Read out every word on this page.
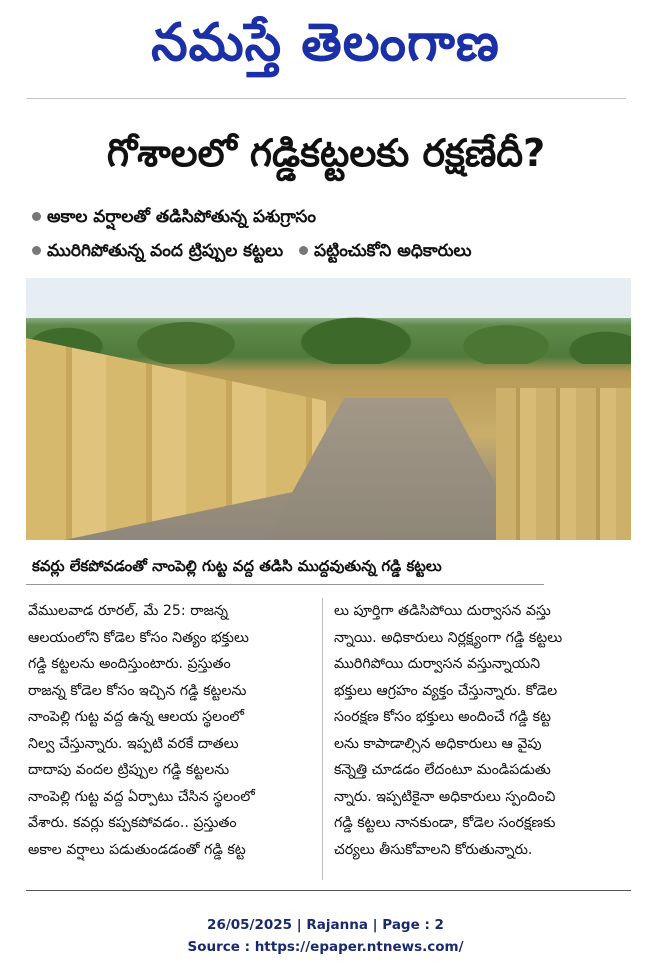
నమస్తే తెలంగాణ
గోశాలలో గడ్డికట్టలకు రక్షణేదీ?
అకాల వర్షాలతో తడిసిపోతున్న పశుగ్రాసం
మురిగిపోతున్న వంద ట్రిప్పుల కట్టలు పట్టించుకోని అధికారులు
కవర్లు లేకపోవడంతో నాంపెల్లి గుట్ట వద్ద తడిసి ముద్దవుతున్న గడ్డి కట్టలు
వేములవాడ రూరల్, మే 25: రాజన్న
ఆలయంలోని కోడెల కోసం నిత్యం భక్తులు
గడ్డి కట్టలను అందిస్తుంటారు. ప్రస్తుతం
రాజన్న కోడెల కోసం ఇచ్చిన గడ్డి కట్టలను
నాంపెల్లి గుట్ట వద్ద ఉన్న ఆలయ స్థలంలో
నిల్వ చేస్తున్నారు. ఇప్పటి వరకే దాతలు
దాదాపు వందల ట్రిప్పుల గడ్డి కట్టలను
నాంపెల్లి గుట్ట వద్ద ఏర్పాటు చేసిన స్థలంలో
వేశారు. కవర్లు కప్పకపోవడం.. ప్రస్తుతం
అకాల వర్షాలు పడుతుండడంతో గడ్డి కట్ట
లు పూర్తిగా తడిసిపోయి దుర్వాసన వస్తు
న్నాయి. అధికారులు నిర్లక్ష్యంగా గడ్డి కట్టలు
మురిగిపోయి దుర్వాసన వస్తున్నాయని
భక్తులు ఆగ్రహం వ్యక్తం చేస్తున్నారు. కోడెల
సంరక్షణ కోసం భక్తులు అందించే గడ్డి కట్ట
లను కాపాడాల్సిన అధికారులు ఆ వైపు
కన్నెత్తి చూడడం లేదంటూ మండిపడుతు
న్నారు. ఇప్పటికైనా అధికారులు స్పందించి
గడ్డి కట్టలు నానకుండా, కోడెల సంరక్షణకు
చర్యలు తీసుకోవాలని కోరుతున్నారు.
26/05/2025 | Rajanna | Page : 2
Source : https://epaper.ntnews.com/
